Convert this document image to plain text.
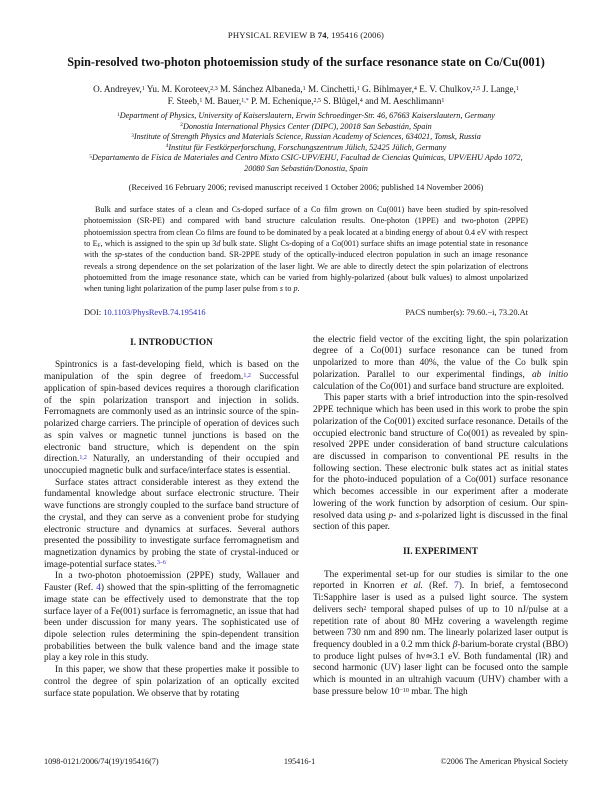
PHYSICAL REVIEW B 74, 195416 (2006)
Spin-resolved two-photon photoemission study of the surface resonance state on Co/Cu(001)
O. Andreyev,$^1$ Yu. M. Koroteev,$^{2,3}$ M. Sánchez Albaneda,$^1$ M. Cinchetti,$^1$ G. Bihlmayer,$^4$ E. V. Chulkov,$^{2,5}$ J. Lange,$^1$
F. Steeb,$^1$ M. Bauer,$^{1,*}$ P. M. Echenique,$^{2,5}$ S. Blügel,$^4$ and M. Aeschlimann$^1$
$^1$Department of Physics, University of Kaiserslautern, Erwin Schroedinger-Str. 46, 67663 Kaiserslautern, Germany
$^2$Donostia International Physics Center (DIPC), 20018 San Sebastián, Spain
$^3$Institute of Strength Physics and Materials Science, Russian Academy of Sciences, 634021, Tomsk, Russia
$^4$Institut für Festkörperforschung, Forschungszentrum Jülich, 52425 Jülich, Germany
$^5$Departamento de Física de Materiales and Centro Mixto CSIC-UPV/EHU, Facultad de Ciencias Químicas, UPV/EHU Apdo 1072,
20080 San Sebastián/Donostia, Spain
(Received 16 February 2006; revised manuscript received 1 October 2006; published 14 November 2006)
Bulk and surface states of a clean and Cs-doped surface of a Co film grown on Cu(001) have been studied by spin-resolved photoemission (SR-PE) and compared with band structure calculation results. One-photon (1PPE) and two-photon (2PPE) photoemission spectra from clean Co films are found to be dominated by a peak located at a binding energy of about 0.4 eV with respect to EF, which is assigned to the spin up 3d bulk state. Slight Cs-doping of a Co(001) surface shifts an image potential state in resonance with the sp-states of the conduction band. SR-2PPE study of the optically-induced electron population in such an image resonance reveals a strong dependence on the set polarization of the laser light. We are able to directly detect the spin polarization of electrons photoemitted from the image resonance state, which can be varied from highly-polarized (about bulk values) to almost unpolarized when tuning light polarization of the pump laser pulse from s to p.
DOI: 10.1103/PhysRevB.74.195416	PACS number(s): 79.60.−i, 73.20.At
I. INTRODUCTION

Spintronics is a fast-developing field, which is based on the manipulation of the spin degree of freedom.$^{1,2}$ Successful application of spin-based devices requires a thorough clarification of the spin polarization transport and injection in solids. Ferromagnets are commonly used as an intrinsic source of the spin-polarized charge carriers. The principle of operation of devices such as spin valves or magnetic tunnel junctions is based on the electronic band structure, which is dependent on the spin direction.$^{1,2}$ Naturally, an understanding of their occupied and unoccupied magnetic bulk and surface/interface states is essential.

Surface states attract considerable interest as they extend the fundamental knowledge about surface electronic structure. Their wave functions are strongly coupled to the surface band structure of the crystal, and they can serve as a convenient probe for studying electronic structure and dynamics at surfaces. Several authors presented the possibility to investigate surface ferromagnetism and magnetization dynamics by probing the state of crystal-induced or image-potential surface states.$^{3-6}$

In a two-photon photoemission (2PPE) study, Wallauer and Fauster (Ref. 4) showed that the spin-splitting of the ferromagnetic image state can be effectively used to demonstrate that the top surface layer of a Fe(001) surface is ferromagnetic, an issue that had been under discussion for many years. The sophisticated use of dipole selection rules determining the spin-dependent transition probabilities between the bulk valence band and the image state play a key role in this study.

In this paper, we show that these properties make it possible to control the degree of spin polarization of an optically excited surface state population. We observe that by rotating

the electric field vector of the exciting light, the spin polarization degree of a Co(001) surface resonance can be tuned from unpolarized to more than 40%, the value of the Co bulk spin polarization. Parallel to our experimental findings, ab initio calculation of the Co(001) and surface band structure are exploited.

This paper starts with a brief introduction into the spin-resolved 2PPE technique which has been used in this work to probe the spin polarization of the Co(001) excited surface resonance. Details of the occupied electronic band structure of Co(001) as revealed by spin-resolved 2PPE under consideration of band structure calculations are discussed in comparison to conventional PE results in the following section. These electronic bulk states act as initial states for the photo-induced population of a Co(001) surface resonance which becomes accessible in our experiment after a moderate lowering of the work function by adsorption of cesium. Our spin-resolved data using p- and s-polarized light is discussed in the final section of this paper.

II. EXPERIMENT

The experimental set-up for our studies is similar to the one reported in Knorren et al. (Ref. 7). In brief, a femtosecond Ti:Sapphire laser is used as a pulsed light source. The system delivers sech$^2$ temporal shaped pulses of up to 10 nJ/pulse at a repetition rate of about 80 MHz covering a wavelength regime between 730 nm and 890 nm. The linearly polarized laser output is frequency doubled in a 0.2 mm thick β-barium-borate crystal (BBO) to produce light pulses of hν≃3.1 eV. Both fundamental (IR) and second harmonic (UV) laser light can be focused onto the sample which is mounted in an ultrahigh vacuum (UHV) chamber with a base pressure below $10^{-10}$ mbar. The high

1098-0121/2006/74(19)/195416(7)	195416-1	©2006 The American Physical Society
